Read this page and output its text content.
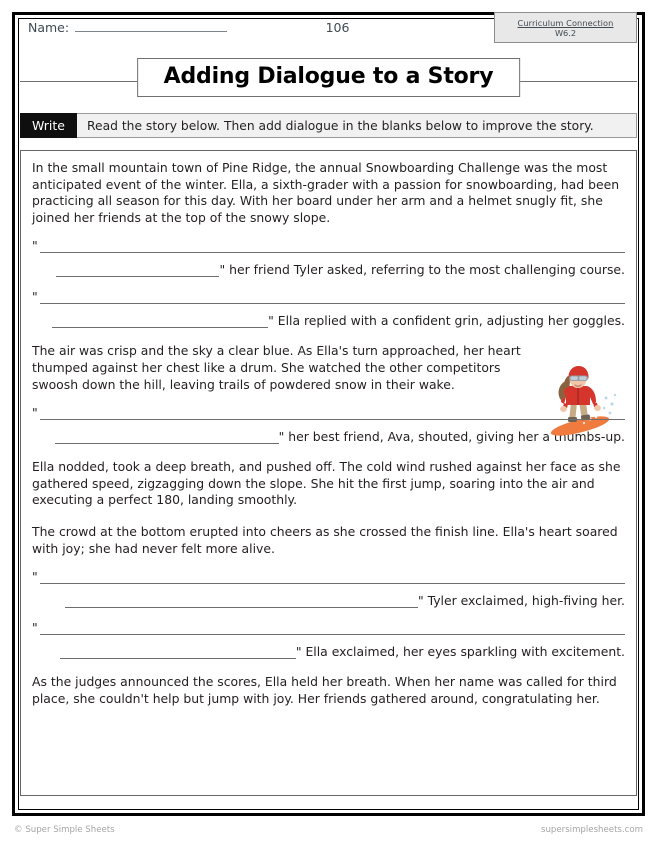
Name:	106	Curriculum Connection
W6.2
Adding Dialogue to a Story
Write	Read the story below. Then add dialogue in the blanks below to improve the story.

In the small mountain town of Pine Ridge, the annual Snowboarding Challenge was the most anticipated event of the winter. Ella, a sixth-grader with a passion for snowboarding, had been practicing all season for this day. With her board under her arm and a helmet snugly fit, she joined her friends at the top of the snowy slope.

"
" her friend Tyler asked, referring to the most challenging course.
"
" Ella replied with a confident grin, adjusting her goggles.

The air was crisp and the sky a clear blue. As Ella's turn approached, her heart thumped against her chest like a drum. She watched the other competitors swoosh down the hill, leaving trails of powdered snow in their wake.

"
" her best friend, Ava, shouted, giving her a thumbs-up.

Ella nodded, took a deep breath, and pushed off. The cold wind rushed against her face as she gathered speed, zigzagging down the slope. She hit the first jump, soaring into the air and executing a perfect 180, landing smoothly.

The crowd at the bottom erupted into cheers as she crossed the finish line. Ella's heart soared with joy; she had never felt more alive.

"
" Tyler exclaimed, high-fiving her.
"
" Ella exclaimed, her eyes sparkling with excitement.

As the judges announced the scores, Ella held her breath. When her name was called for third place, she couldn't help but jump with joy. Her friends gathered around, congratulating her.

© Super Simple Sheets	supersimplesheets.com
